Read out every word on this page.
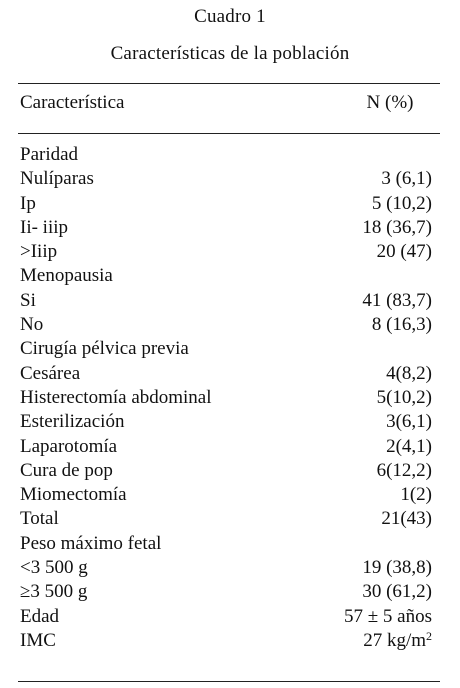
Cuadro 1
Características de la población
Característica	N (%)
Paridad
Nulíparas	3 (6,1)
Ip	5 (10,2)
Ii- iiip	18 (36,7)
>Iiip	20 (47)
Menopausia
Si	41 (83,7)
No	8 (16,3)
Cirugía pélvica previa
Cesárea	4(8,2)
Histerectomía abdominal	5(10,2)
Esterilización	3(6,1)
Laparotomía	2(4,1)
Cura de pop	6(12,2)
Miomectomía	1(2)
Total	21(43)
Peso máximo fetal
<3 500 g	19 (38,8)
≥3 500 g	30 (61,2)
Edad	57 ± 5 años
IMC	27 $kg/m^2$
